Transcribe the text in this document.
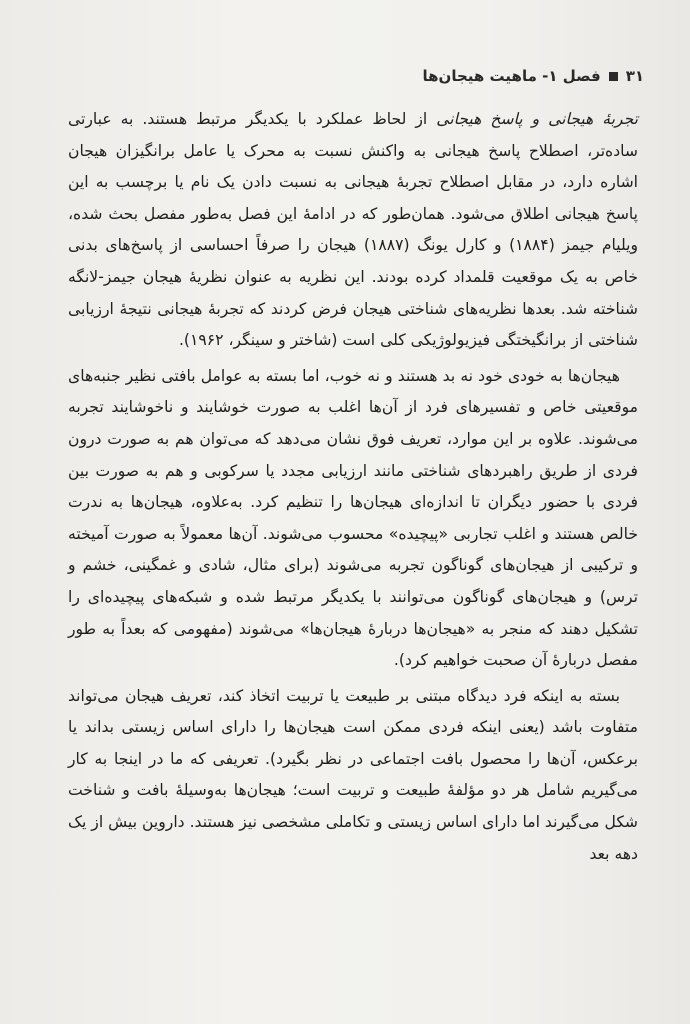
۳۱
فصل ۱- ماهیت هیجان‌ها

تجربهٔ هیجانی و پاسخ هیجانی از لحاظ عملکرد با یکدیگر مرتبط هستند. به عبارتی ساده‌تر، اصطلاح پاسخ هیجانی به واکنش نسبت به محرک یا عامل برانگیزان هیجان اشاره دارد، در مقابل اصطلاح تجربهٔ هیجانی به نسبت دادن یک نام یا برچسب به این پاسخ هیجانی اطلاق می‌شود. همان‌طور که در ادامهٔ این فصل به‌طور مفصل بحث شده، ویلیام جیمز (۱۸۸۴) و کارل یونگ (۱۸۸۷) هیجان را صرفاً احساسی از پاسخ‌های بدنی خاص به یک موقعیت قلمداد کرده بودند. این نظریه به عنوان نظریهٔ هیجان جیمز-لانگه شناخته شد. بعدها نظریه‌های شناختی هیجان فرض کردند که تجربهٔ هیجانی نتیجهٔ ارزیابی شناختی از برانگیختگی فیزیولوژیکی کلی است (شاختر و سینگر، ۱۹۶۲).

هیجان‌ها به خودی خود نه بد هستند و نه خوب، اما بسته به عوامل بافتی نظیر جنبه‌های موقعیتی خاص و تفسیرهای فرد از آن‌ها اغلب به صورت خوشایند و ناخوشایند تجربه می‌شوند. علاوه بر این موارد، تعریف فوق نشان می‌دهد که می‌توان هم به صورت درون فردی از طریق راهبردهای شناختی مانند ارزیابی مجدد یا سرکوبی و هم به صورت بین فردی با حضور دیگران تا اندازه‌ای هیجان‌ها را تنظیم کرد. به‌علاوه، هیجان‌ها به ندرت خالص هستند و اغلب تجاربی «پیچیده» محسوب می‌شوند. آن‌ها معمولاً به صورت آمیخته و ترکیبی از هیجان‌های گوناگون تجربه می‌شوند (برای مثال، شادی و غمگینی، خشم و ترس) و هیجان‌های گوناگون می‌توانند با یکدیگر مرتبط شده و شبکه‌های پیچیده‌ای را تشکیل دهند که منجر به «هیجان‌ها دربارهٔ هیجان‌ها» می‌شوند (مفهومی که بعداً به طور مفصل دربارهٔ آن صحبت خواهیم کرد).

بسته به اینکه فرد دیدگاه مبتنی بر طبیعت یا تربیت اتخاذ کند، تعریف هیجان می‌تواند متفاوت باشد (یعنی اینکه فردی ممکن است هیجان‌ها را دارای اساس زیستی بداند یا برعکس، آن‌ها را محصول بافت اجتماعی در نظر بگیرد). تعریفی که ما در اینجا به کار می‌گیریم شامل هر دو مؤلفهٔ طبیعت و تربیت است؛ هیجان‌ها به‌وسیلهٔ بافت و شناخت شکل می‌گیرند اما دارای اساس زیستی و تکاملی مشخصی نیز هستند. داروین بیش از یک دهه بعد
